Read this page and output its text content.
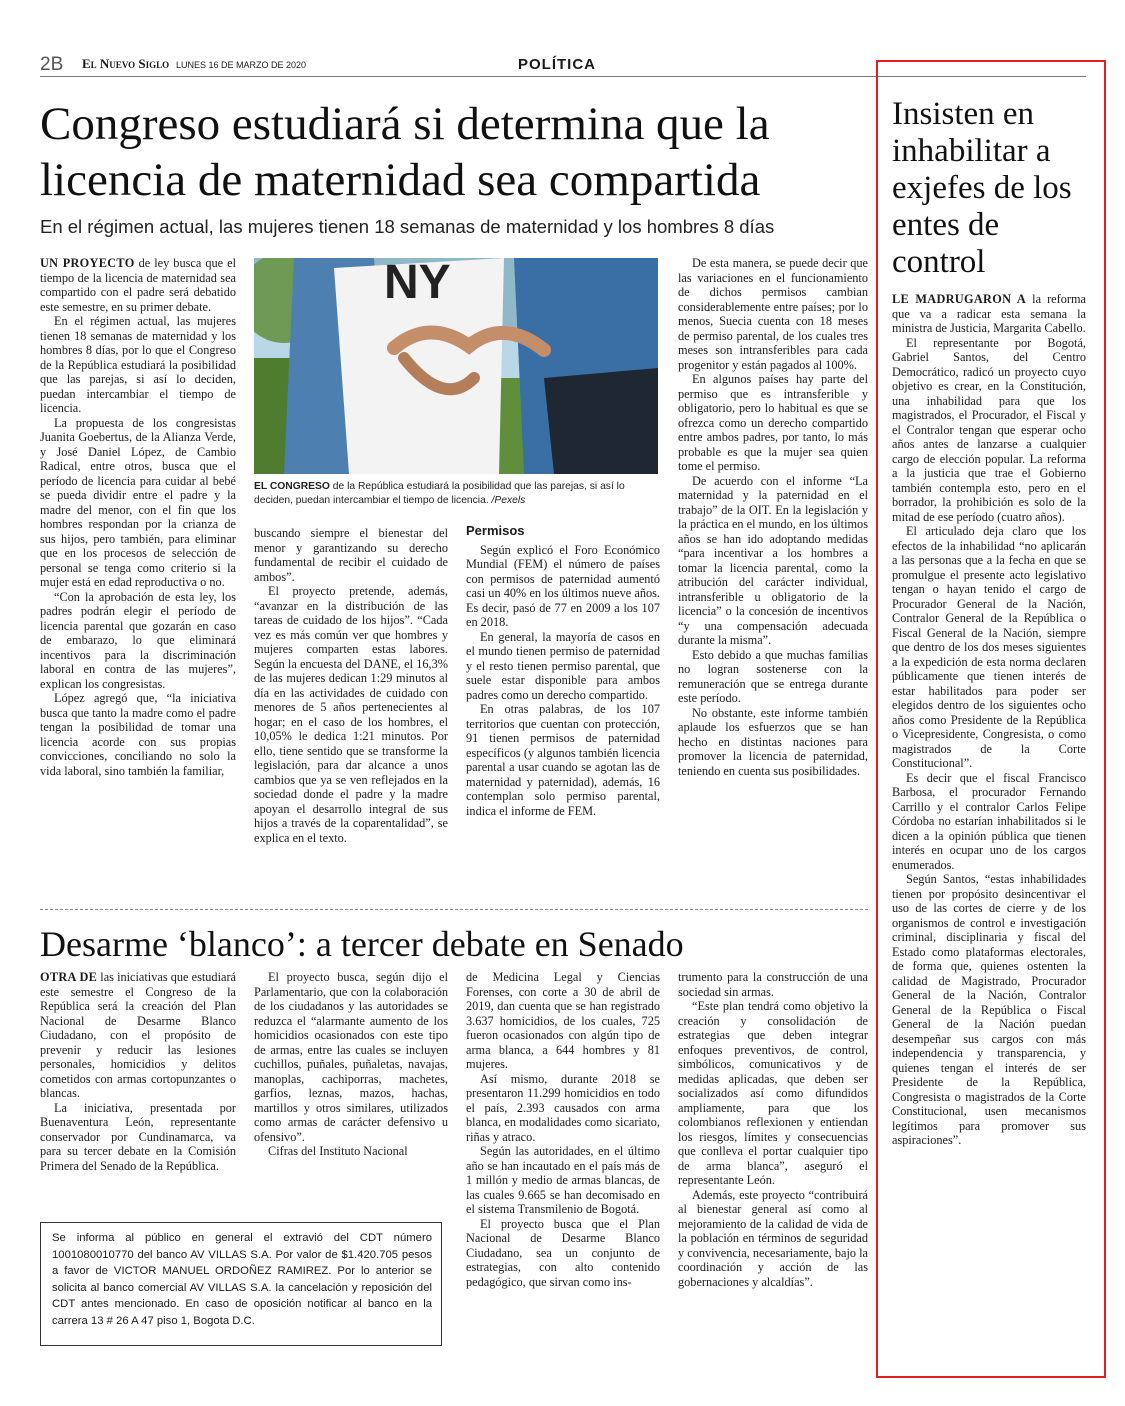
2B El Nuevo Siglo LUNES 16 DE MARZO DE 2020	POLÍTICA
Congreso estudiará si determina que la licencia de maternidad sea compartida
En el régimen actual, las mujeres tienen 18 semanas de maternidad y los hombres 8 días

UN PROYECTO de ley busca que el tiempo de la licencia de maternidad sea compartido con el padre será debatido este semestre, en su primer debate.

En el régimen actual, las mujeres tienen 18 semanas de maternidad y los hombres 8 días, por lo que el Congreso de la República estudiará la posibilidad que las parejas, si así lo deciden, puedan intercambiar el tiempo de licencia.

La propuesta de los congresistas Juanita Goebertus, de la Alianza Verde, y José Daniel López, de Cambio Radical, entre otros, busca que el período de licencia para cuidar al bebé se pueda dividir entre el padre y la madre del menor, con el fin que los hombres respondan por la crianza de sus hijos, pero también, para eliminar que en los procesos de selección de personal se tenga como criterio si la mujer está en edad reproductiva o no.

“Con la aprobación de esta ley, los padres podrán elegir el período de licencia parental que gozarán en caso de embarazo, lo que eliminará incentivos para la discriminación laboral en contra de las mujeres”, explican los congresistas.

López agregó que, “la iniciativa busca que tanto la madre como el padre tengan la posibilidad de tomar una licencia acorde con sus propias convicciones, conciliando no solo la vida laboral, sino también la familiar,

NY
EL CONGRESO de la República estudiará la posibilidad que las parejas, si así lo deciden, puedan intercambiar el tiempo de licencia. /Pexels

buscando siempre el bienestar del menor y garantizando su derecho fundamental de recibir el cuidado de ambos”.

El proyecto pretende, además, “avanzar en la distribución de las tareas de cuidado de los hijos”. “Cada vez es más común ver que hombres y mujeres comparten estas labores. Según la encuesta del DANE, el 16,3% de las mujeres dedican 1:29 minutos al día en las actividades de cuidado con menores de 5 años pertenecientes al hogar; en el caso de los hombres, el 10,05% le dedica 1:21 minutos. Por ello, tiene sentido que se transforme la legislación, para dar alcance a unos cambios que ya se ven reflejados en la sociedad donde el padre y la madre apoyan el desarrollo integral de sus hijos a través de la coparentalidad”, se explica en el texto.

Permisos

Según explicó el Foro Económico Mundial (FEM) el número de países con permisos de paternidad aumentó casi un 40% en los últimos nueve años. Es decir, pasó de 77 en 2009 a los 107 en 2018.

En general, la mayoría de casos en el mundo tienen permiso de paternidad y el resto tienen permiso parental, que suele estar disponible para ambos padres como un derecho compartido.

En otras palabras, de los 107 territorios que cuentan con protección, 91 tienen permisos de paternidad específicos (y algunos también licencia parental a usar cuando se agotan las de maternidad y paternidad), además, 16 contemplan solo permiso parental, indica el informe de FEM.

De esta manera, se puede decir que las variaciones en el funcionamiento de dichos permisos cambian considerablemente entre países; por lo menos, Suecia cuenta con 18 meses de permiso parental, de los cuales tres meses son intransferibles para cada progenitor y están pagados al 100%.

En algunos países hay parte del permiso que es intransferible y obligatorio, pero lo habitual es que se ofrezca como un derecho compartido entre ambos padres, por tanto, lo más probable es que la mujer sea quien tome el permiso.

De acuerdo con el informe “La maternidad y la paternidad en el trabajo” de la OIT. En la legislación y la práctica en el mundo, en los últimos años se han ido adoptando medidas “para incentivar a los hombres a tomar la licencia parental, como la atribución del carácter individual, intransferible u obligatorio de la licencia” o la concesión de incentivos “y una compensación adecuada durante la misma”.

Esto debido a que muchas familias no logran sostenerse con la remuneración que se entrega durante este período.

No obstante, este informe también aplaude los esfuerzos que se han hecho en distintas naciones para promover la licencia de paternidad, teniendo en cuenta sus posibilidades.

Desarme ‘blanco’: a tercer debate en Senado

OTRA DE las iniciativas que estudiará este semestre el Congreso de la República será la creación del Plan Nacional de Desarme Blanco Ciudadano, con el propósito de prevenir y reducir las lesiones personales, homicidios y delitos cometidos con armas cortopunzantes o blancas.

La iniciativa, presentada por Buenaventura León, representante conservador por Cundinamarca, va para su tercer debate en la Comisión Primera del Senado de la República.

El proyecto busca, según dijo el Parlamentario, que con la colaboración de los ciudadanos y las autoridades se reduzca el “alarmante aumento de los homicidios ocasionados con este tipo de armas, entre las cuales se incluyen cuchillos, puñales, puñaletas, navajas, manoplas, cachiporras, machetes, garfios, leznas, mazos, hachas, martillos y otros similares, utilizados como armas de carácter defensivo u ofensivo”.

Cifras del Instituto Nacional

de Medicina Legal y Ciencias Forenses, con corte a 30 de abril de 2019, dan cuenta que se han registrado 3.637 homicidios, de los cuales, 725 fueron ocasionados con algún tipo de arma blanca, a 644 hombres y 81 mujeres.

Así mismo, durante 2018 se presentaron 11.299 homicidios en todo el país, 2.393 causados con arma blanca, en modalidades como sicariato, riñas y atraco.

Según las autoridades, en el último año se han incautado en el país más de 1 millón y medio de armas blancas, de las cuales 9.665 se han decomisado en el sistema Transmilenio de Bogotá.

El proyecto busca que el Plan Nacional de Desarme Blanco Ciudadano, sea un conjunto de estrategias, con alto contenido pedagógico, que sirvan como ins-

trumento para la construcción de una sociedad sin armas.

“Este plan tendrá como objetivo la creación y consolidación de estrategias que deben integrar enfoques preventivos, de control, simbólicos, comunicativos y de medidas aplicadas, que deben ser socializados así como difundidos ampliamente, para que los colombianos reflexionen y entiendan los riesgos, límites y consecuencias que conlleva el portar cualquier tipo de arma blanca”, aseguró el representante León.

Además, este proyecto “contribuirá al bienestar general así como al mejoramiento de la calidad de vida de la población en términos de seguridad y convivencia, necesariamente, bajo la coordinación y acción de las gobernaciones y alcaldías”.

Se informa al público en general el extravió del CDT número 1001080010770 del banco AV VILLAS S.A. Por valor de $1.420.705 pesos a favor de VICTOR MANUEL ORDOÑEZ RAMIREZ. Por lo anterior se solicita al banco comercial AV VILLAS S.A. la cancelación y reposición del CDT antes mencionado. En caso de oposición notificar al banco en la carrera 13 # 26 A 47 piso 1, Bogota D.C.
Insisten en inhabilitar a exjefes de los entes de control

LE MADRUGARON A la reforma que va a radicar esta semana la ministra de Justicia, Margarita Cabello.

El representante por Bogotá, Gabriel Santos, del Centro Democrático, radicó un proyecto cuyo objetivo es crear, en la Constitución, una inhabilidad para que los magistrados, el Procurador, el Fiscal y el Contralor tengan que esperar ocho años antes de lanzarse a cualquier cargo de elección popular. La reforma a la justicia que trae el Gobierno también contempla esto, pero en el borrador, la prohibición es solo de la mitad de ese período (cuatro años).

El articulado deja claro que los efectos de la inhabilidad “no aplicarán a las personas que a la fecha en que se promulgue el presente acto legislativo tengan o hayan tenido el cargo de Procurador General de la Nación, Contralor General de la República o Fiscal General de la Nación, siempre que dentro de los dos meses siguientes a la expedición de esta norma declaren públicamente que tienen interés de estar habilitados para poder ser elegidos dentro de los siguientes ocho años como Presidente de la República o Vicepresidente, Congresista, o como magistrados de la Corte Constitucional”.

Es decir que el fiscal Francisco Barbosa, el procurador Fernando Carrillo y el contralor Carlos Felipe Córdoba no estarían inhabilitados si le dicen a la opinión pública que tienen interés en ocupar uno de los cargos enumerados.

Según Santos, “estas inhabilidades tienen por propósito desincentivar el uso de las cortes de cierre y de los organismos de control e investigación criminal, disciplinaria y fiscal del Estado como plataformas electorales, de forma que, quienes ostenten la calidad de Magistrado, Procurador General de la Nación, Contralor General de la República o Fiscal General de la Nación puedan desempeñar sus cargos con más independencia y transparencia, y quienes tengan el interés de ser Presidente de la República, Congresista o magistrados de la Corte Constitucional, usen mecanismos legítimos para promover sus aspiraciones”.
